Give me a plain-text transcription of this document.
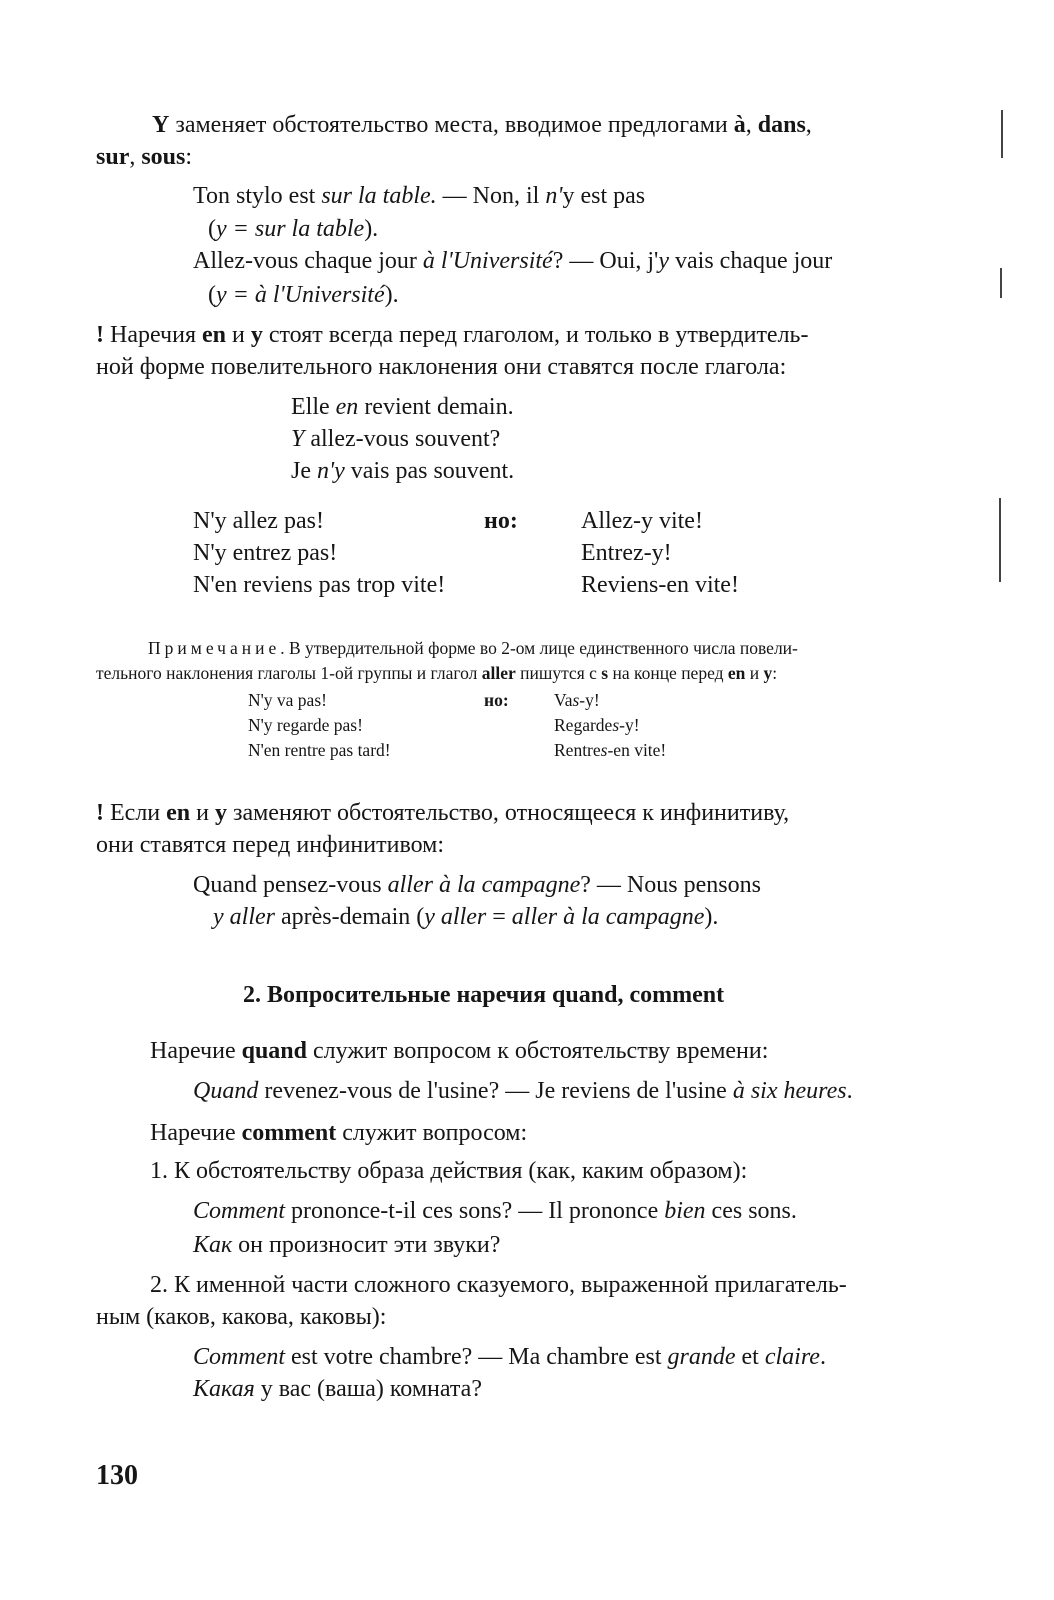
Y заменяет обстоятельство места, вводимое предлогами à, dans,
sur, sous:
Ton stylo est sur la table. — Non, il n'y est pas
(y = sur la table).
Allez-vous chaque jour à l'Université? — Oui, j'y vais chaque jour
(y = à l'Université).
! Наречия en и y стоят всегда перед глаголом, и только в утвердитель-
ной форме повелительного наклонения они ставятся после глагола:
Elle en revient demain.
Y allez-vous souvent?
Je n'y vais pas souvent.
N'y allez pas!
N'y entrez pas!
N'en reviens pas trop vite!
но:	Allez-y vite!
Entrez-y!
Reviens-en vite!
Примечание. В утвердительной форме во 2-ом лице единственного числа повели-
тельного наклонения глаголы 1-ой группы и глагол aller пишутся с s на конце перед en и y:
N'y va pas!
N'y regarde pas!
N'en rentre pas tard!
но:	Vas-y!
Regardes-y!
Rentres-en vite!
! Если en и y заменяют обстоятельство, относящееся к инфинитиву,
они ставятся перед инфинитивом:
Quand pensez-vous aller à la campagne? — Nous pensons
y aller après-demain (y aller = aller à la campagne).
2. Вопросительные наречия quand, comment
Наречие quand служит вопросом к обстоятельству времени:
Quand revenez-vous de l'usine? — Je reviens de l'usine à six heures.
Наречие comment служит вопросом:
1. К обстоятельству образа действия (как, каким образом):
Comment prononce-t-il ces sons? — Il prononce bien ces sons.
Как он произносит эти звуки?
2. К именной части сложного сказуемого, выраженной прилагатель-
ным (каков, какова, каковы):
Comment est votre chambre? — Ma chambre est grande et claire.
Какая у вас (ваша) комната?
130
